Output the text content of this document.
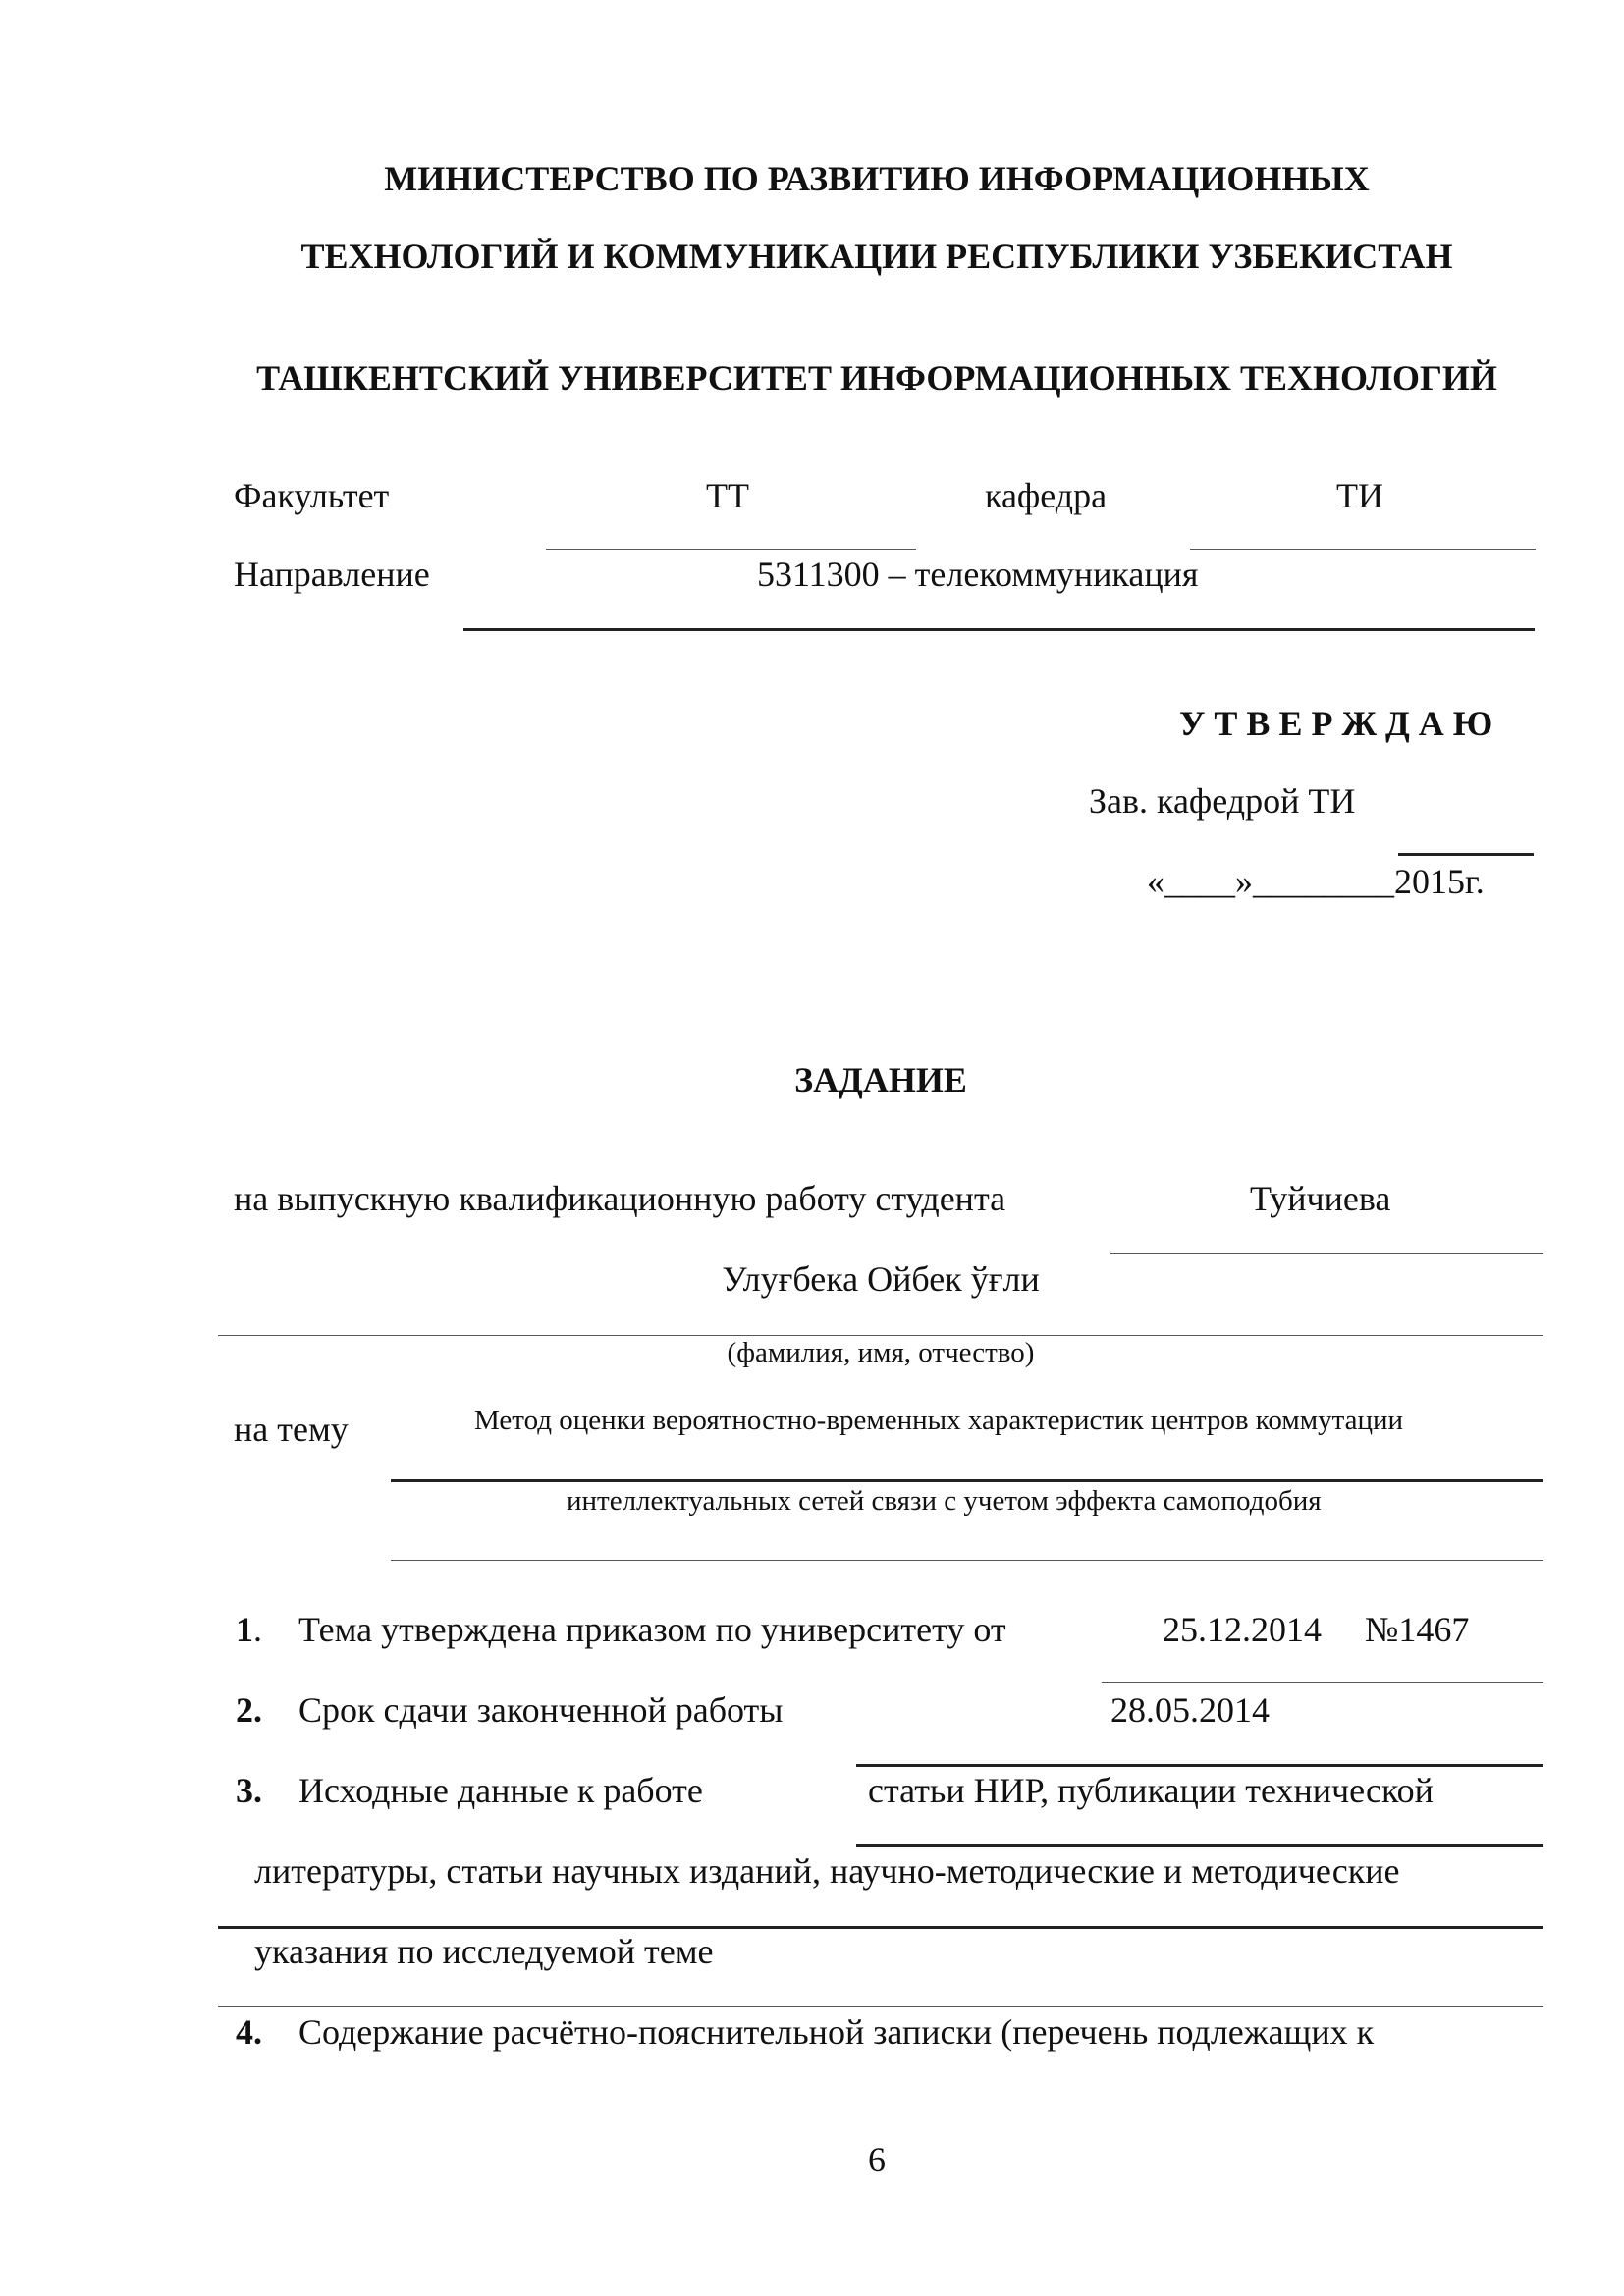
МИНИСТЕРСТВО ПО РАЗВИТИЮ ИНФОРМАЦИОННЫХ
ТЕХНОЛОГИЙ И КОММУНИКАЦИИ РЕСПУБЛИКИ УЗБЕКИСТАН
ТАШКЕНТСКИЙ УНИВЕРСИТЕТ ИНФОРМАЦИОННЫХ ТЕХНОЛОГИЙ
Факультет	ТТ	кафедра	ТИ
Направление	5311300 – телекоммуникация
У Т В Е Р Ж Д А Ю
Зав. кафедрой ТИ
«____»________2015г.
ЗАДАНИЕ
на выпускную квалификационную работу студента	Туйчиева
Улуғбека Ойбек ўғли
(фамилия, имя, отчество)
на тему	Метод оценки вероятностно-временных характеристик центров коммутации
интеллектуальных сетей связи с учетом эффекта самоподобия
1. Тема утверждена приказом по университету от	25.12.2014 №1467
2. Срок сдачи законченной работы	28.05.2014
3. Исходные данные к работе	статьи НИР, публикации технической
литературы, статьи научных изданий, научно-методические и методические
указания по исследуемой теме
4. Содержание расчётно-пояснительной записки (перечень подлежащих к
6
